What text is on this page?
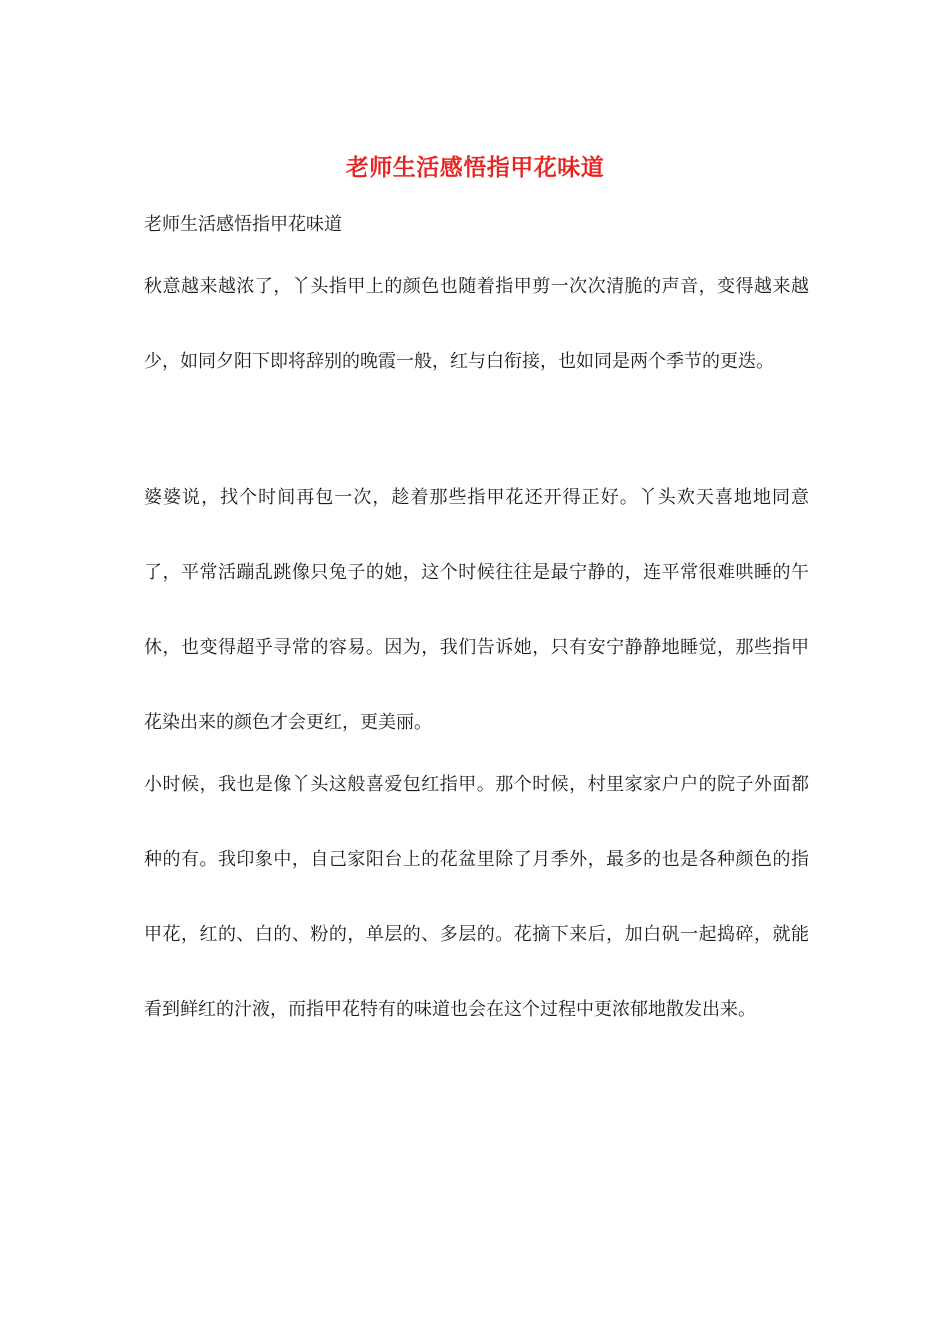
老师生活感悟指甲花味道
老师生活感悟指甲花味道

秋意越来越浓了，丫头指甲上的颜色也随着指甲剪一次次清脆的声音，变得越来越少，如同夕阳下即将辞别的晚霞一般，红与白衔接，也如同是两个季节的更迭。

婆婆说，找个时间再包一次，趁着那些指甲花还开得正好。丫头欢天喜地地同意了，平常活蹦乱跳像只兔子的她，这个时候往往是最宁静的，连平常很难哄睡的午休，也变得超乎寻常的容易。因为，我们告诉她，只有安宁静静地睡觉，那些指甲花染出来的颜色才会更红，更美丽。

小时候，我也是像丫头这般喜爱包红指甲。那个时候，村里家家户户的院子外面都种的有。我印象中，自己家阳台上的花盆里除了月季外，最多的也是各种颜色的指甲花，红的、白的、粉的，单层的、多层的。花摘下来后，加白矾一起捣碎，就能看到鲜红的汁液，而指甲花特有的味道也会在这个过程中更浓郁地散发出来。
